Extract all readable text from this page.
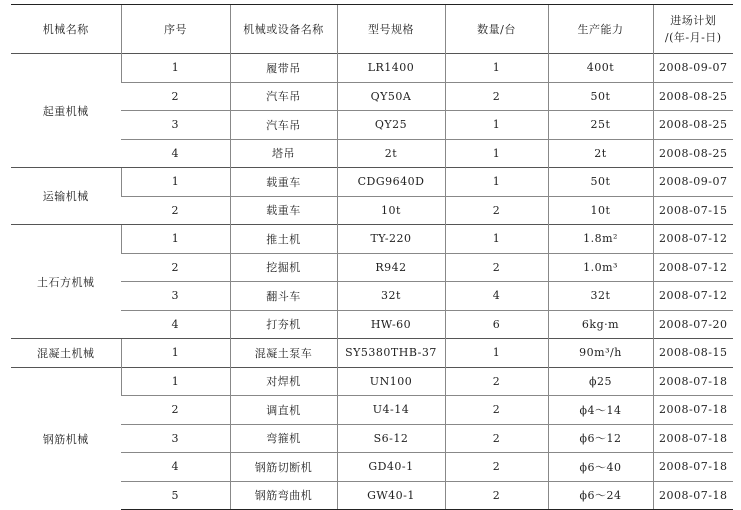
机械名称	序号	机械或设备名称	型号规格	数量/台	生产能力	进场计划
/(年-月-日)
起重机械	1	履带吊	LR1400	1	400t	2008-09-07
	2	汽车吊	QY50A	2	50t	2008-08-25
	3	汽车吊	QY25	1	25t	2008-08-25
	4	塔吊	2t	1	2t	2008-08-25
运输机械	1	载重车	CDG9640D	1	50t	2008-09-07
	2	载重车	10t	2	10t	2008-07-15
土石方机械	1	推土机	TY-220	1	1.8m²	2008-07-12
	2	挖掘机	R942	2	1.0m³	2008-07-12
	3	翻斗车	32t	4	32t	2008-07-12
	4	打夯机	HW-60	6	6kg·m	2008-07-20
混凝土机械	1	混凝土泵车	SY5380THB-37	1	90m³/h	2008-08-15
钢筋机械	1	对焊机	UN100	2	ϕ25	2008-07-18
	2	调直机	U4-14	2	ϕ4～14	2008-07-18
	3	弯箍机	S6-12	2	ϕ6～12	2008-07-18
	4	钢筋切断机	GD40-1	2	ϕ6～40	2008-07-18
	5	钢筋弯曲机	GW40-1	2	ϕ6～24	2008-07-18
